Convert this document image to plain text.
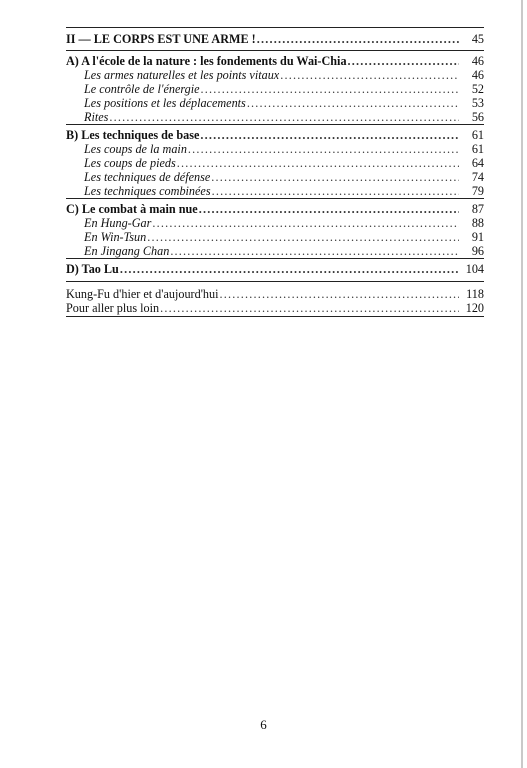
II — LE CORPS EST UNE ARME ! .....	45
A) A l'école de la nature : les fondements du Wai-Chia .....	46
Les armes naturelles et les points vitaux .....	46
Le contrôle de l'énergie .....	52
Les positions et les déplacements .....	53
Rites .....	56
B) Les techniques de base .....	61
Les coups de la main .....	61
Les coups de pieds .....	64
Les techniques de défense .....	74
Les techniques combinées .....	79
C) Le combat à main nue .....	87
En Hung-Gar .....	88
En Win-Tsun .....	91
En Jingang Chan .....	96
D) Tao Lu .....	104
Kung-Fu d'hier et d'aujourd'hui .....	118
Pour aller plus loin .....	120
6
